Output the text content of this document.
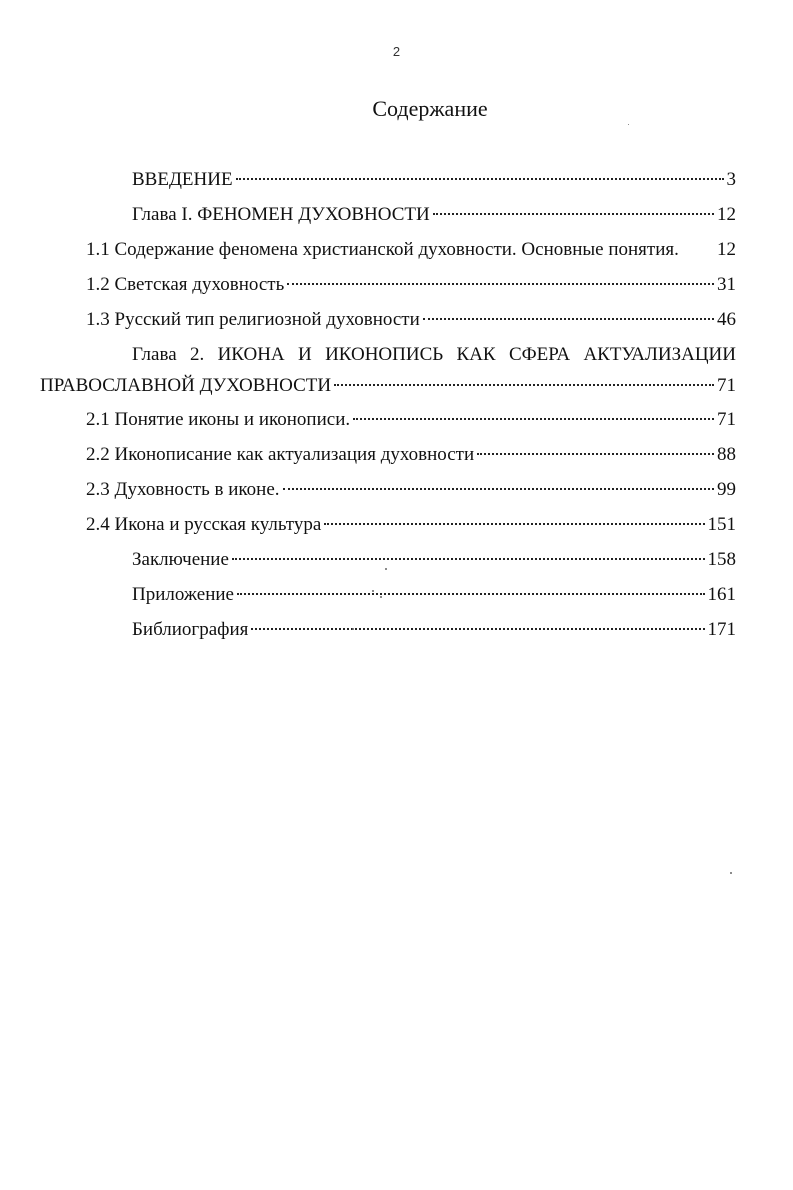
2
Содержание
ВВЕДЕНИЕ	3
Глава I. ФЕНОМЕН ДУХОВНОСТИ	12
1.1 Содержание феномена христианской духовности. Основные понятия. 12
1.2 Светская духовность	31
1.3 Русский тип религиозной духовности	46
Глава 2. ИКОНА И ИКОНОПИСЬ КАК СФЕРА АКТУАЛИЗАЦИИ
ПРАВОСЛАВНОЙ ДУХОВНОСТИ	71
2.1 Понятие иконы и иконописи.	71
2.2 Иконописание как актуализация духовности	88
2.3 Духовность в иконе.	99
2.4 Икона и русская культура	151
Заключение	158
Приложение	161
Библиография	171
